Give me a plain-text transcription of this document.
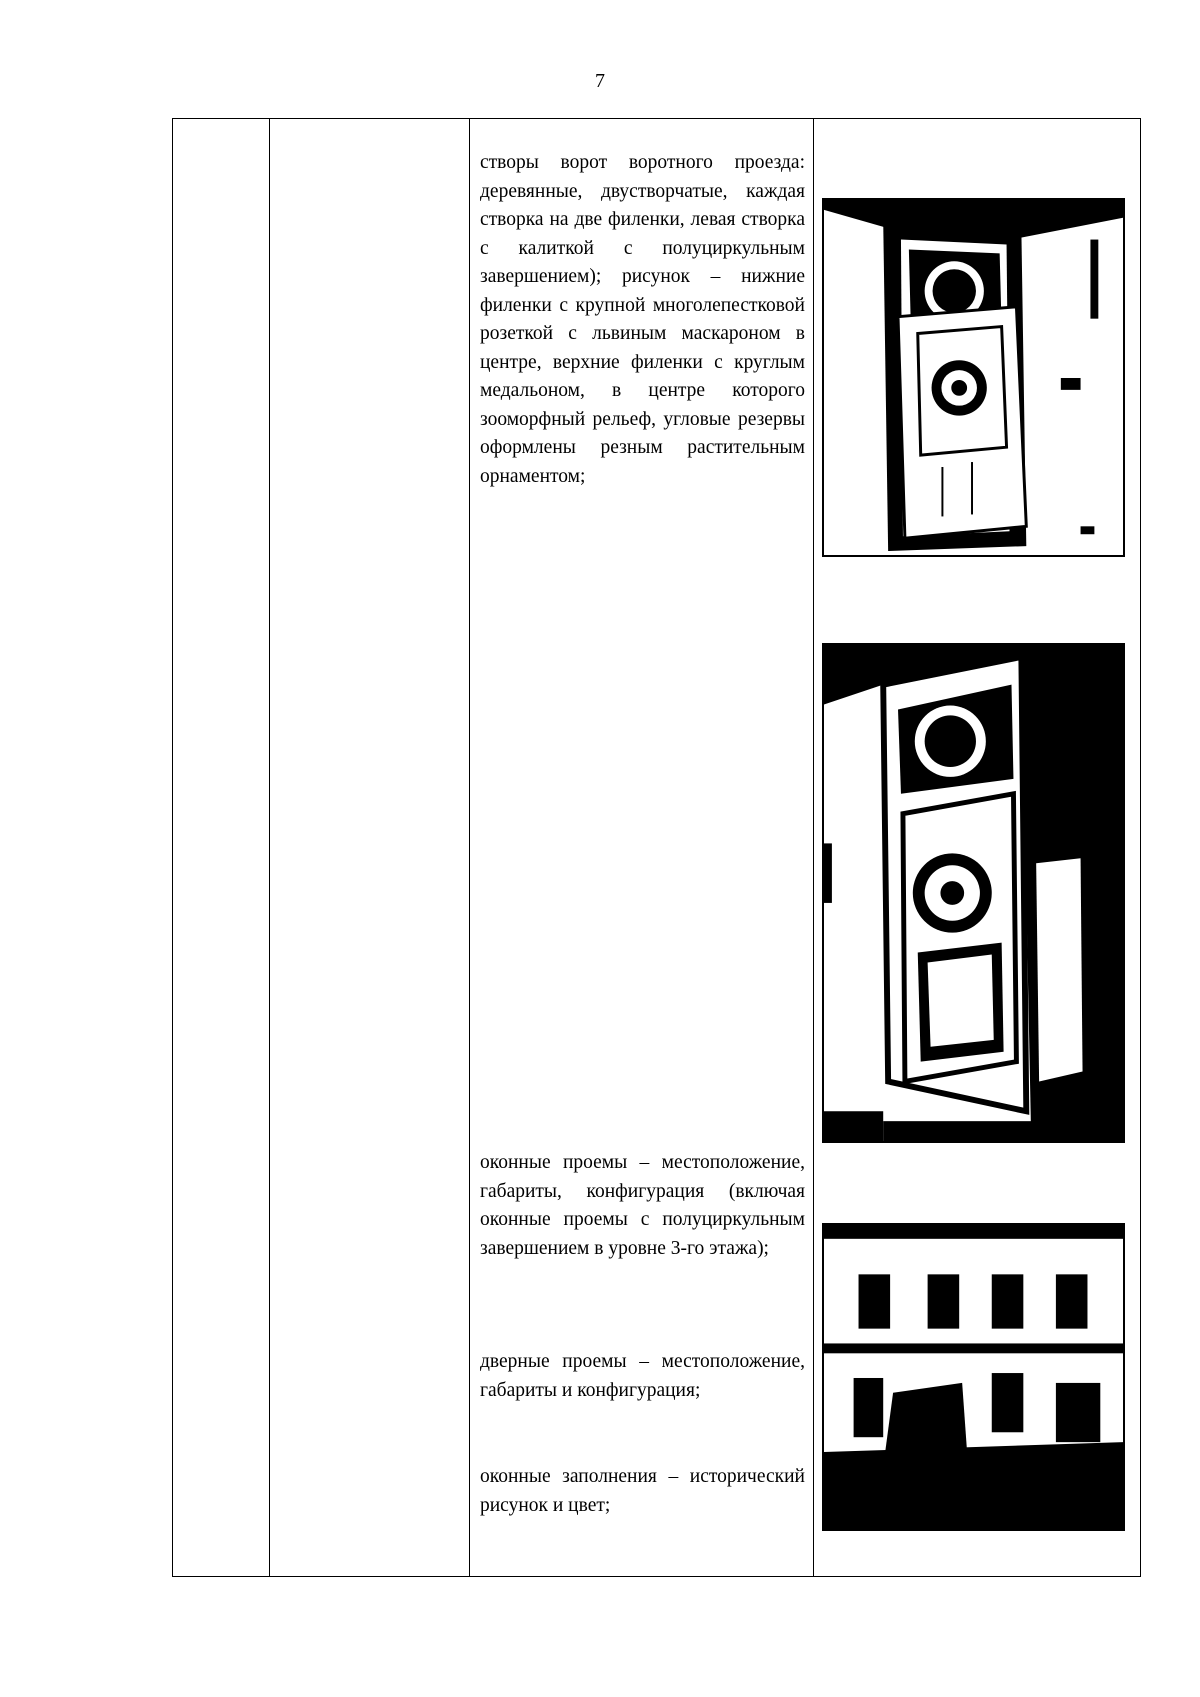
7

створы ворот воротного проезда: деревянные, двустворчатые, каждая створка на две филенки, левая створка с калиткой с полуциркульным завершением); рисунок – нижние филенки с крупной многолепестковой розеткой с львиным маскароном в центре, верхние филенки с круглым медальоном, в центре которого зооморфный рельеф, угловые резервы оформлены резным растительным орнаментом;

оконные проемы – местоположение, габариты, конфигурация (включая оконные проемы с полуциркульным завершением в уровне 3-го этажа);

дверные проемы – местоположение, габариты и конфигурация;

оконные заполнения – исторический рисунок и цвет;
